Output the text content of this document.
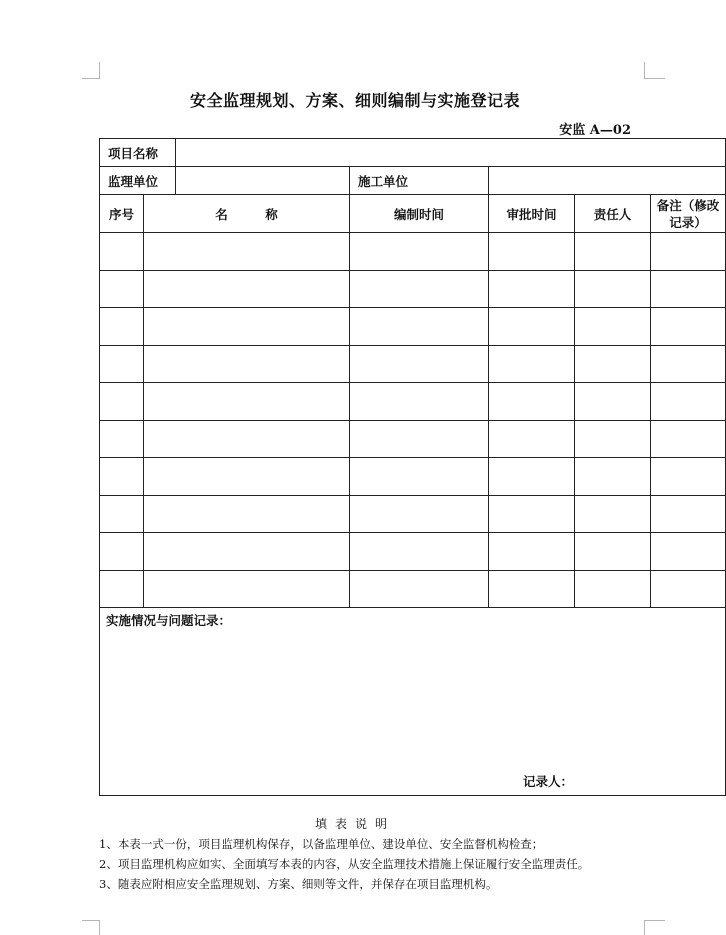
安全监理规划、方案、细则编制与实施登记表
安监 A—02
项目名称						
监理单位			施工单位			
序号	名　　　称		编制时间	审批时间	责任人	备注（修改
记录）

实施情况与问题记录：
记录人：						
填表说明
1、本表一式一份，项目监理机构保存，以备监理单位、建设单位、安全监督机构检查；
2、项目监理机构应如实、全面填写本表的内容，从安全监理技术措施上保证履行安全监理责任。
3、随表应附相应安全监理规划、方案、细则等文件，并保存在项目监理机构。
